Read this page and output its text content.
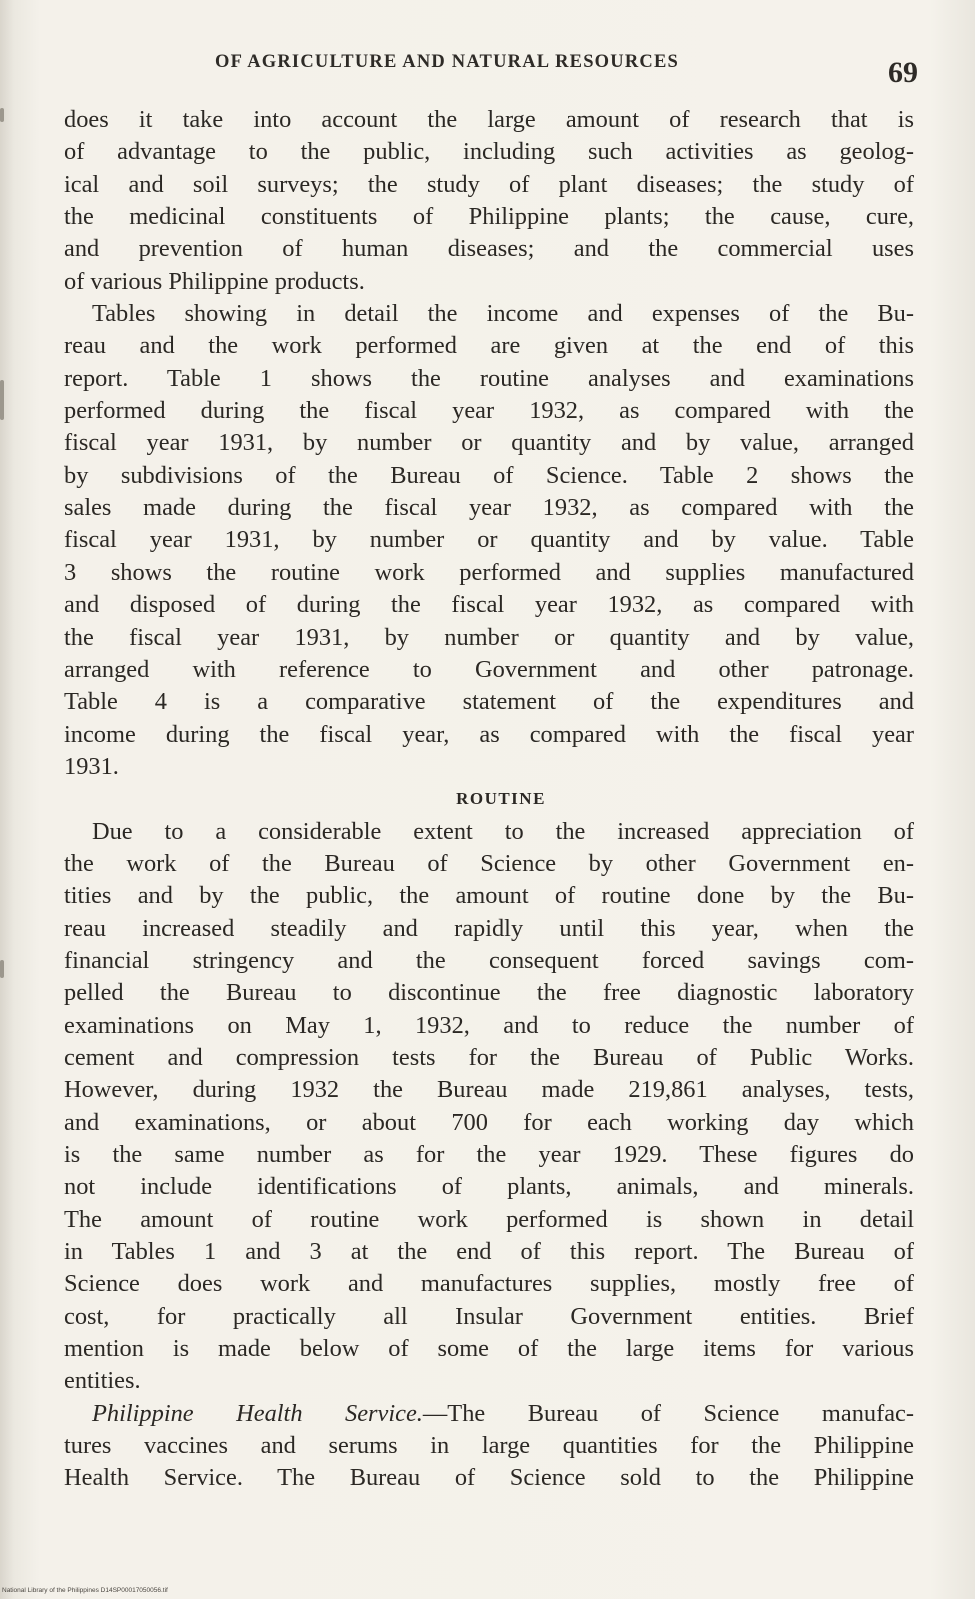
OF AGRICULTURE AND NATURAL RESOURCES	69
does it take into account the large amount of research that is
of advantage to the public, including such activities as geolog-
ical and soil surveys; the study of plant diseases; the study of
the medicinal constituents of Philippine plants; the cause, cure,
and prevention of human diseases; and the commercial uses
of various Philippine products.
Tables showing in detail the income and expenses of the Bu-
reau and the work performed are given at the end of this
report. Table 1 shows the routine analyses and examinations
performed during the fiscal year 1932, as compared with the
fiscal year 1931, by number or quantity and by value, arranged
by subdivisions of the Bureau of Science. Table 2 shows the
sales made during the fiscal year 1932, as compared with the
fiscal year 1931, by number or quantity and by value. Table
3 shows the routine work performed and supplies manufactured
and disposed of during the fiscal year 1932, as compared with
the fiscal year 1931, by number or quantity and by value,
arranged with reference to Government and other patronage.
Table 4 is a comparative statement of the expenditures and
income during the fiscal year, as compared with the fiscal year
1931.
ROUTINE
Due to a considerable extent to the increased appreciation of
the work of the Bureau of Science by other Government en-
tities and by the public, the amount of routine done by the Bu-
reau increased steadily and rapidly until this year, when the
financial stringency and the consequent forced savings com-
pelled the Bureau to discontinue the free diagnostic laboratory
examinations on May 1, 1932, and to reduce the number of
cement and compression tests for the Bureau of Public Works.
However, during 1932 the Bureau made 219,861 analyses, tests,
and examinations, or about 700 for each working day which
is the same number as for the year 1929. These figures do
not include identifications of plants, animals, and minerals.
The amount of routine work performed is shown in detail
in Tables 1 and 3 at the end of this report. The Bureau of
Science does work and manufactures supplies, mostly free of
cost, for practically all Insular Government entities. Brief
mention is made below of some of the large items for various
entities.
Philippine Health Service.—The Bureau of Science manufac-
tures vaccines and serums in large quantities for the Philippine
Health Service. The Bureau of Science sold to the Philippine
National Library of the Philippines D14SP00017050056.tif
